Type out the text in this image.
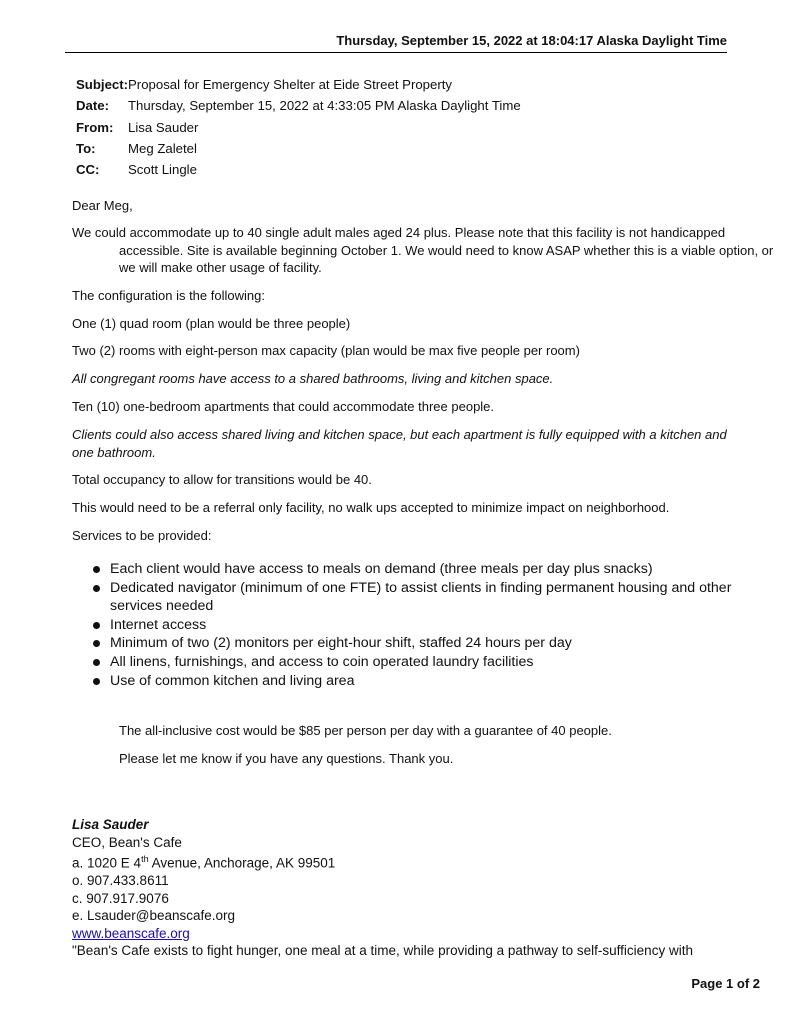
Thursday, September 15, 2022 at 18:04:17 Alaska Daylight Time
Subject: Proposal for Emergency Shelter at Eide Street Property
Date:	Thursday, September 15, 2022 at 4:33:05 PM Alaska Daylight Time
From:	Lisa Sauder
To:	Meg Zaletel
CC:	Scott Lingle
Dear Meg,
We could accommodate up to 40 single adult males aged 24 plus. Please note that this facility is not handicapped accessible. Site is available beginning October 1. We would need to know ASAP whether this is a viable option, or we will make other usage of facility.
The configuration is the following:
One (1) quad room (plan would be three people)
Two (2) rooms with eight-person max capacity (plan would be max five people per room)
All congregant rooms have access to a shared bathrooms, living and kitchen space.
Ten (10) one-bedroom apartments that could accommodate three people.
Clients could also access shared living and kitchen space, but each apartment is fully equipped with a kitchen and one bathroom.
Total occupancy to allow for transitions would be 40.
This would need to be a referral only facility, no walk ups accepted to minimize impact on neighborhood.
Services to be provided:
Each client would have access to meals on demand (three meals per day plus snacks)
Dedicated navigator (minimum of one FTE) to assist clients in finding permanent housing and other services needed
Internet access
Minimum of two (2) monitors per eight-hour shift, staffed 24 hours per day
All linens, furnishings, and access to coin operated laundry facilities
Use of common kitchen and living area
The all-inclusive cost would be $85 per person per day with a guarantee of 40 people.
Please let me know if you have any questions. Thank you.
Lisa Sauder
CEO, Bean's Cafe
a. 1020 E 4th Avenue, Anchorage, AK 99501
o. 907.433.8611
c. 907.917.9076
e. Lsauder@beanscafe.org
www.beanscafe.org
"Bean's Cafe exists to fight hunger, one meal at a time, while providing a pathway to self-sufficiency with
Page 1 of 2
